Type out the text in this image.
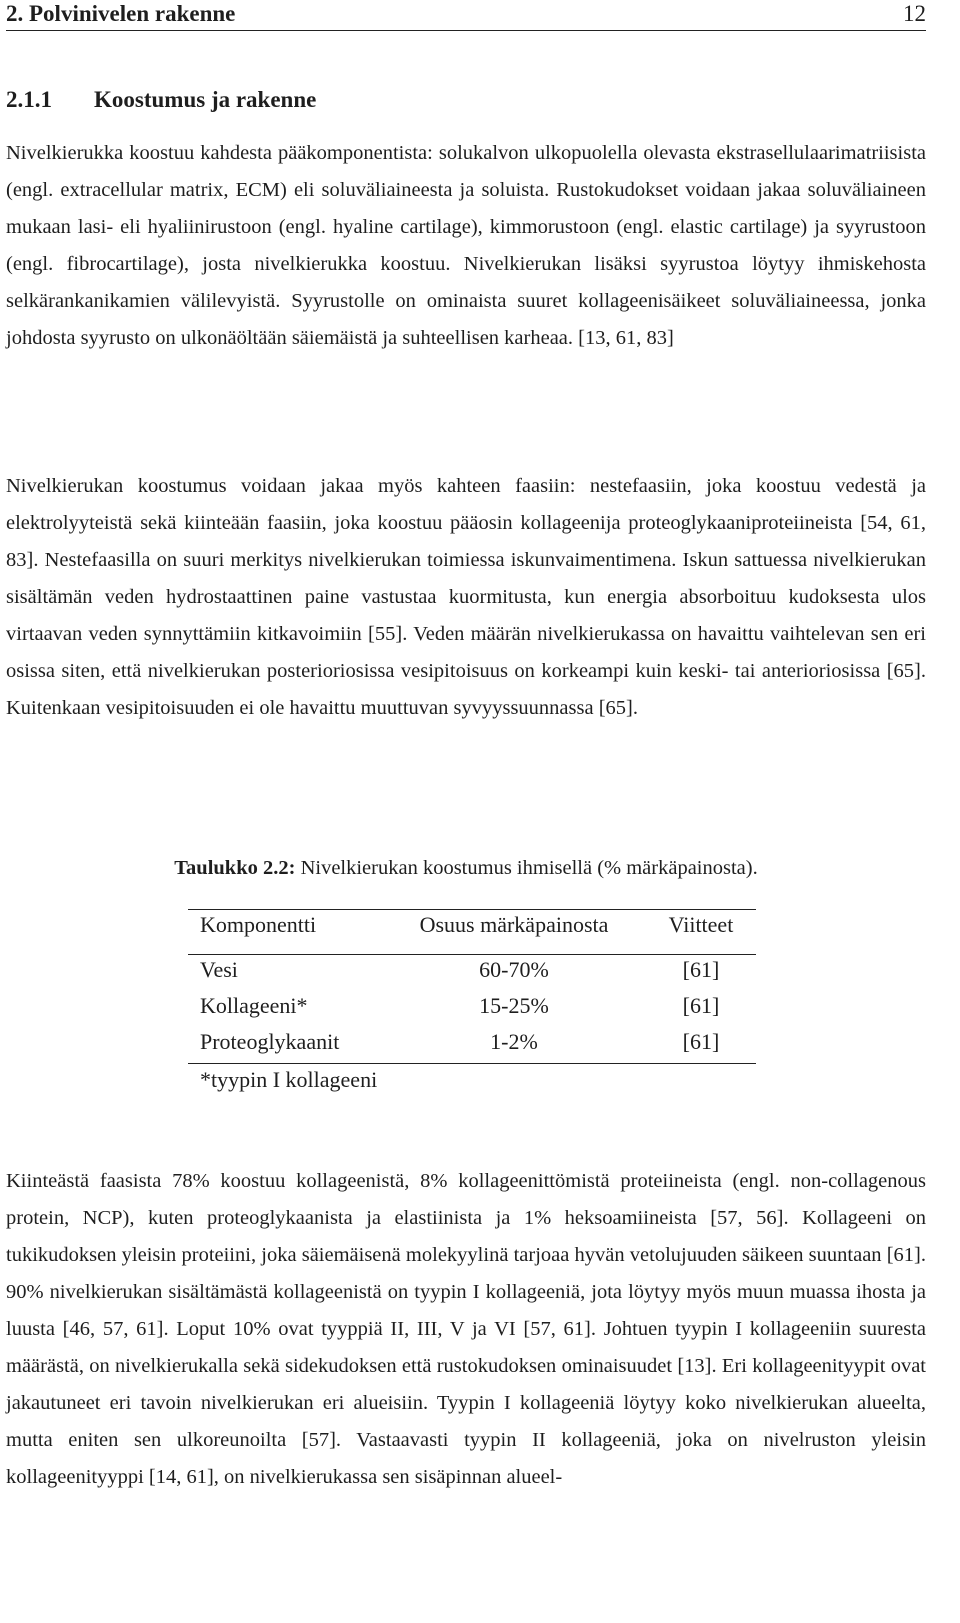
2. Polvinivelen rakenne	12
2.1.1 Koostumus ja rakenne
Nivelkierukka koostuu kahdesta pääkomponentista: solukalvon ulkopuolella olevasta ekstrasellulaarimatriisista (engl. extracellular matrix, ECM) eli soluväliaineesta ja soluista. Rustokudokset voidaan jakaa soluväliaineen mukaan lasi- eli hyaliinirustoon (engl. hyaline cartilage), kimmorustoon (engl. elastic cartilage) ja syyrustoon (engl. fibrocartilage), josta nivelkierukka koostuu. Nivelkierukan lisäksi syyrustoa löytyy ihmiskehosta selkärankanikamien välilevyistä. Syyrustolle on ominaista suuret kollageenisäikeet soluväliaineessa, jonka johdosta syyrusto on ulkonäöltään säiemäistä ja suhteellisen karheaa. [13, 61, 83]
Nivelkierukan koostumus voidaan jakaa myös kahteen faasiin: nestefaasiin, joka koostuu vedestä ja elektrolyyteistä sekä kiinteään faasiin, joka koostuu pääosin kollageenija proteoglykaaniproteiineista [54, 61, 83]. Nestefaasilla on suuri merkitys nivelkierukan toimiessa iskunvaimentimena. Iskun sattuessa nivelkierukan sisältämän veden hydrostaattinen paine vastustaa kuormitusta, kun energia absorboituu kudoksesta ulos virtaavan veden synnyttämiin kitkavoimiin [55]. Veden määrän nivelkierukassa on havaittu vaihtelevan sen eri osissa siten, että nivelkierukan posterioriosissa vesipitoisuus on korkeampi kuin keski- tai anterioriosissa [65]. Kuitenkaan vesipitoisuuden ei ole havaittu muuttuvan syvyyssuunnassa [65].
Taulukko 2.2: Nivelkierukan koostumus ihmisellä (% märkäpainosta).
Komponentti	Osuus märkäpainosta	Viitteet
Vesi	60-70%	[61]
Kollageeni*	15-25%	[61]
Proteoglykaanit	1-2%	[61]
*tyypin I kollageeni
Kiinteästä faasista 78% koostuu kollageenistä, 8% kollageenittömistä proteiineista (engl. non-collagenous protein, NCP), kuten proteoglykaanista ja elastiinista ja 1% heksoamiineista [57, 56]. Kollageeni on tukikudoksen yleisin proteiini, joka säiemäisenä molekyylinä tarjoaa hyvän vetolujuuden säikeen suuntaan [61]. 90% nivelkierukan sisältämästä kollageenistä on tyypin I kollageeniä, jota löytyy myös muun muassa ihosta ja luusta [46, 57, 61]. Loput 10% ovat tyyppiä II, III, V ja VI [57, 61]. Johtuen tyypin I kollageeniin suuresta määrästä, on nivelkierukalla sekä sidekudoksen että rustokudoksen ominaisuudet [13]. Eri kollageenityypit ovat jakautuneet eri tavoin nivelkierukan eri alueisiin. Tyypin I kollageeniä löytyy koko nivelkierukan alueelta, mutta eniten sen ulkoreunoilta [57]. Vastaavasti tyypin II kollageeniä, joka on nivelruston yleisin kollageenityyppi [14, 61], on nivelkierukassa sen sisäpinnan alueel-
